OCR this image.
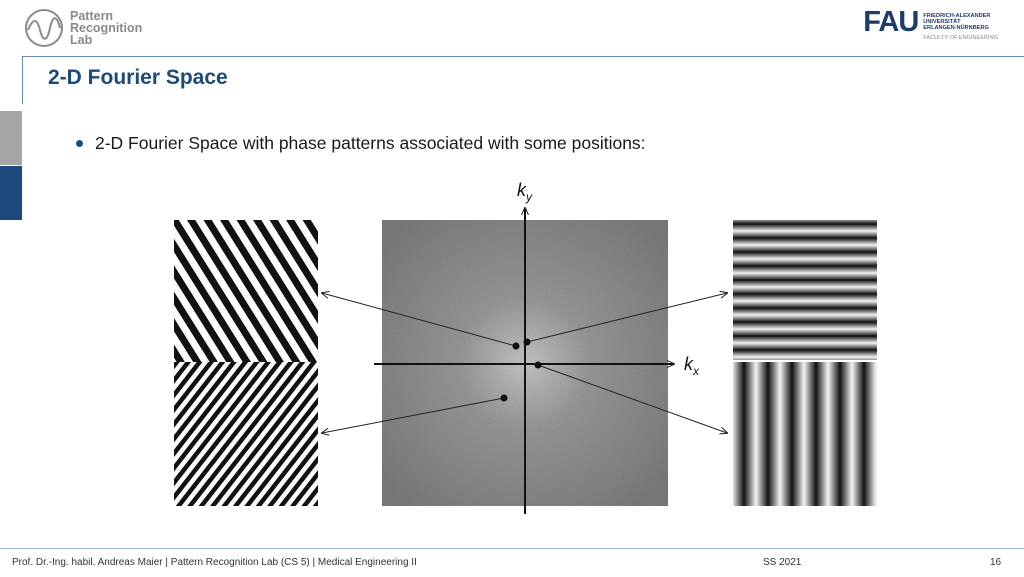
Pattern
Recognition
Lab
FAU FRIEDRICH-ALEXANDER
UNIVERSITÄT
ERLANGEN-NÜRNBERG
FACULTY OF ENGINEERING
2-D Fourier Space
2-D Fourier Space with phase patterns associated with some positions:
$k_y$
$k_x$
Prof. Dr.-Ing. habil. Andreas Maier | Pattern Recognition Lab (CS 5) | Medical Engineering II	SS 2021	16
